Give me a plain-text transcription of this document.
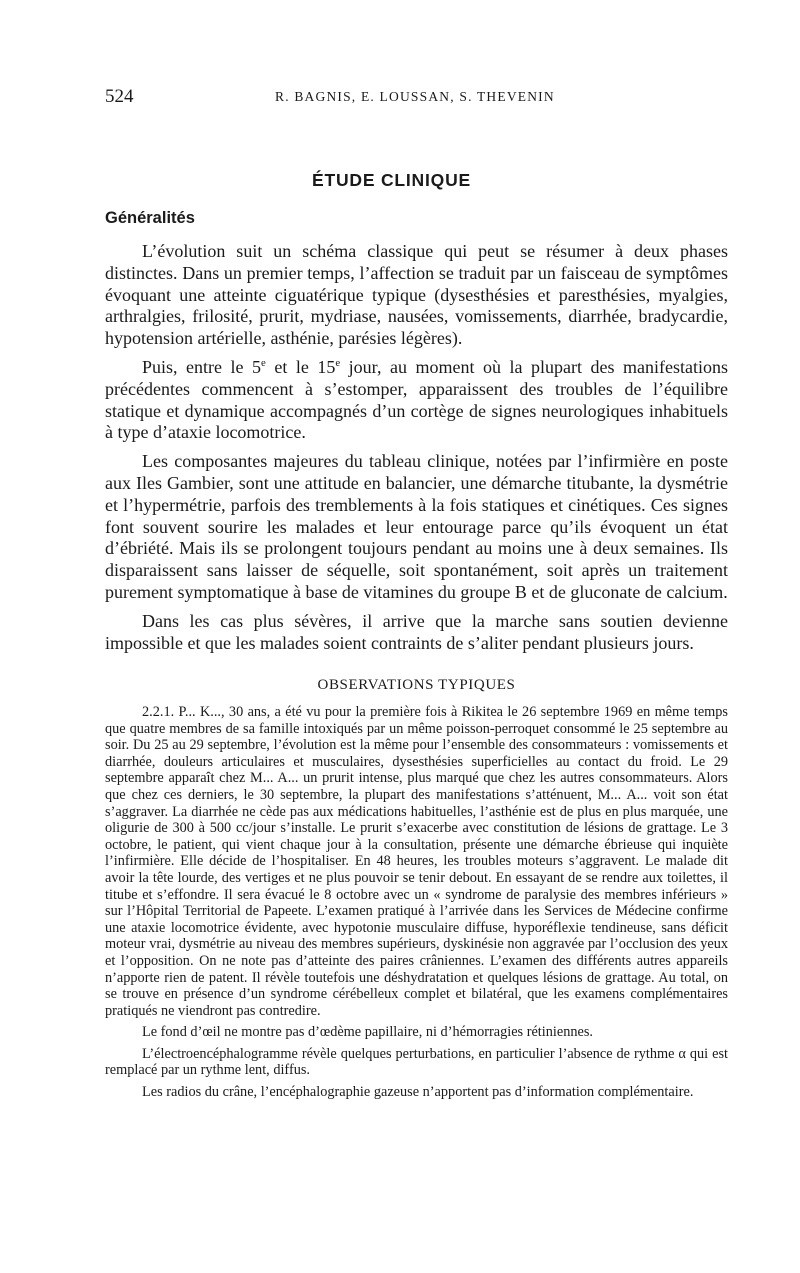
524	R. BAGNIS, E. LOUSSAN, S. THEVENIN
ÉTUDE CLINIQUE
Généralités

L’évolution suit un schéma classique qui peut se résumer à deux phases distinctes. Dans un premier temps, l’affection se traduit par un faisceau de symptômes évoquant une atteinte ciguatérique typique (dysesthésies et paresthésies, myalgies, arthralgies, frilosité, prurit, mydriase, nausées, vomissements, diarrhée, bradycardie, hypotension artérielle, asthénie, parésies légères).

Puis, entre le 5e et le 15e jour, au moment où la plupart des manifestations précédentes commencent à s’estomper, apparaissent des troubles de l’équilibre statique et dynamique accompagnés d’un cortège de signes neurologiques inhabituels à type d’ataxie locomotrice.

Les composantes majeures du tableau clinique, notées par l’infirmière en poste aux Iles Gambier, sont une attitude en balancier, une démarche titubante, la dysmétrie et l’hypermétrie, parfois des tremblements à la fois statiques et cinétiques. Ces signes font souvent sourire les malades et leur entourage parce qu’ils évoquent un état d’ébriété. Mais ils se prolongent toujours pendant au moins une à deux semaines. Ils disparaissent sans laisser de séquelle, soit spontanément, soit après un traitement purement symptomatique à base de vitamines du groupe B et de gluconate de calcium.

Dans les cas plus sévères, il arrive que la marche sans soutien devienne impossible et que les malades soient contraints de s’aliter pendant plusieurs jours.

OBSERVATIONS TYPIQUES

2.2.1. P... K..., 30 ans, a été vu pour la première fois à Rikitea le 26 septembre 1969 en même temps que quatre membres de sa famille intoxiqués par un même poisson-perroquet consommé le 25 septembre au soir. Du 25 au 29 septembre, l’évolution est la même pour l’ensemble des consommateurs : vomissements et diarrhée, douleurs articulaires et musculaires, dysesthésies superficielles au contact du froid. Le 29 septembre apparaît chez M... A... un prurit intense, plus marqué que chez les autres consommateurs. Alors que chez ces derniers, le 30 septembre, la plupart des manifestations s’atténuent, M... A... voit son état s’aggraver. La diarrhée ne cède pas aux médications habituelles, l’asthénie est de plus en plus marquée, une oligurie de 300 à 500 cc/jour s’installe. Le prurit s’exacerbe avec constitution de lésions de grattage. Le 3 octobre, le patient, qui vient chaque jour à la consultation, présente une démarche ébrieuse qui inquiète l’infirmière. Elle décide de l’hospitaliser. En 48 heures, les troubles moteurs s’aggravent. Le malade dit avoir la tête lourde, des vertiges et ne plus pouvoir se tenir debout. En essayant de se rendre aux toilettes, il titube et s’effondre. Il sera évacué le 8 octobre avec un « syndrome de paralysie des membres inférieurs » sur l’Hôpital Territorial de Papeete. L’examen pratiqué à l’arrivée dans les Services de Médecine confirme une ataxie locomotrice évidente, avec hypotonie musculaire diffuse, hyporéflexie tendineuse, sans déficit moteur vrai, dysmétrie au niveau des membres supérieurs, dyskinésie non aggravée par l’occlusion des yeux et l’opposition. On ne note pas d’atteinte des paires crâniennes. L’examen des différents autres appareils n’apporte rien de patent. Il révèle toutefois une déshydratation et quelques lésions de grattage. Au total, on se trouve en présence d’un syndrome cérébelleux complet et bilatéral, que les examens complémentaires pratiqués ne viendront pas contredire.

Le fond d’œil ne montre pas d’œdème papillaire, ni d’hémorragies rétiniennes.

L’électroencéphalogramme révèle quelques perturbations, en particulier l’absence de rythme α qui est remplacé par un rythme lent, diffus.

Les radios du crâne, l’encéphalographie gazeuse n’apportent pas d’information complémentaire.
